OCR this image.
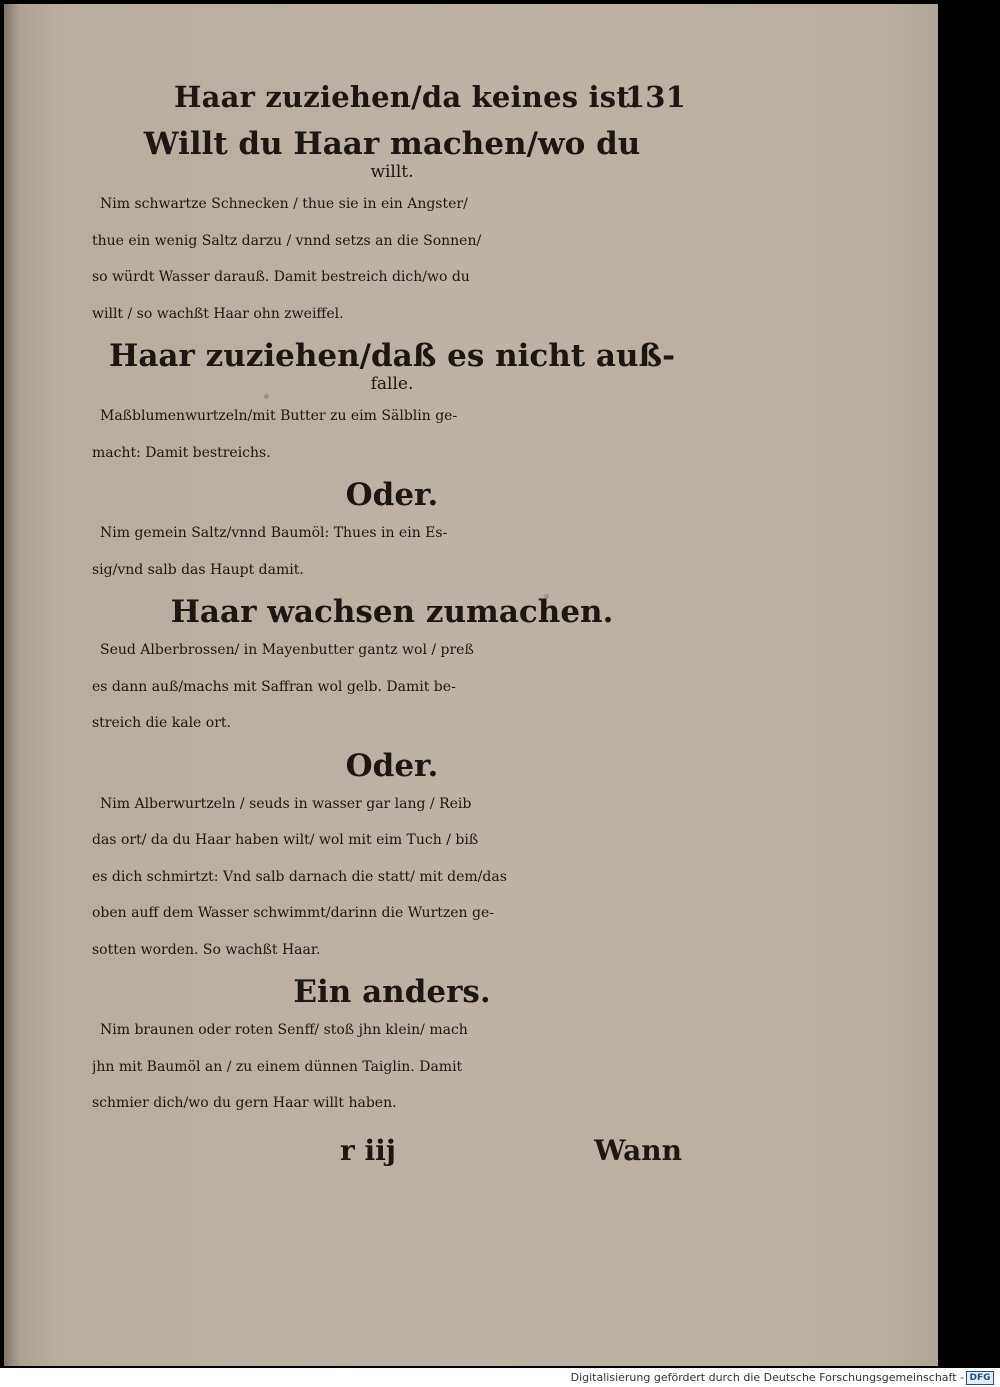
Haar zuziehen/da keines ist.
131
Willt du Haar machen/wo du
willt.
Nim schwartze Schnecken / thue sie in ein Angster/
thue ein wenig Saltz darzu / vnnd setzs an die Sonnen/
so würdt Wasser darauß. Damit bestreich dich/wo du
willt / so wachßt Haar ohn zweiffel.
Haar zuziehen/daß es nicht auß-
falle.
Maßblumenwurtzeln/mit Butter zu eim Sälblin ge-
macht: Damit bestreichs.
Oder.
Nim gemein Saltz/vnnd Baumöl: Thues in ein Es-
sig/vnd salb das Haupt damit.
Haar wachsen zumachen.
Seud Alberbrossen/ in Mayenbutter gantz wol / preß
es dann auß/machs mit Saffran wol gelb. Damit be-
streich die kale ort.
Oder.
Nim Alberwurtzeln / seuds in wasser gar lang / Reib
das ort/ da du Haar haben wilt/ wol mit eim Tuch / biß
es dich schmirtzt: Vnd salb darnach die statt/ mit dem/das
oben auff dem Wasser schwimmt/darinn die Wurtzen ge-
sotten worden. So wachßt Haar.
Ein anders.
Nim braunen oder roten Senff/ stoß jhn klein/ mach
jhn mit Baumöl an / zu einem dünnen Taiglin. Damit
schmier dich/wo du gern Haar willt haben.
r iij	Wann
Digitalisierung gefördert durch die Deutsche Forschungsgemeinschaft - DFG
